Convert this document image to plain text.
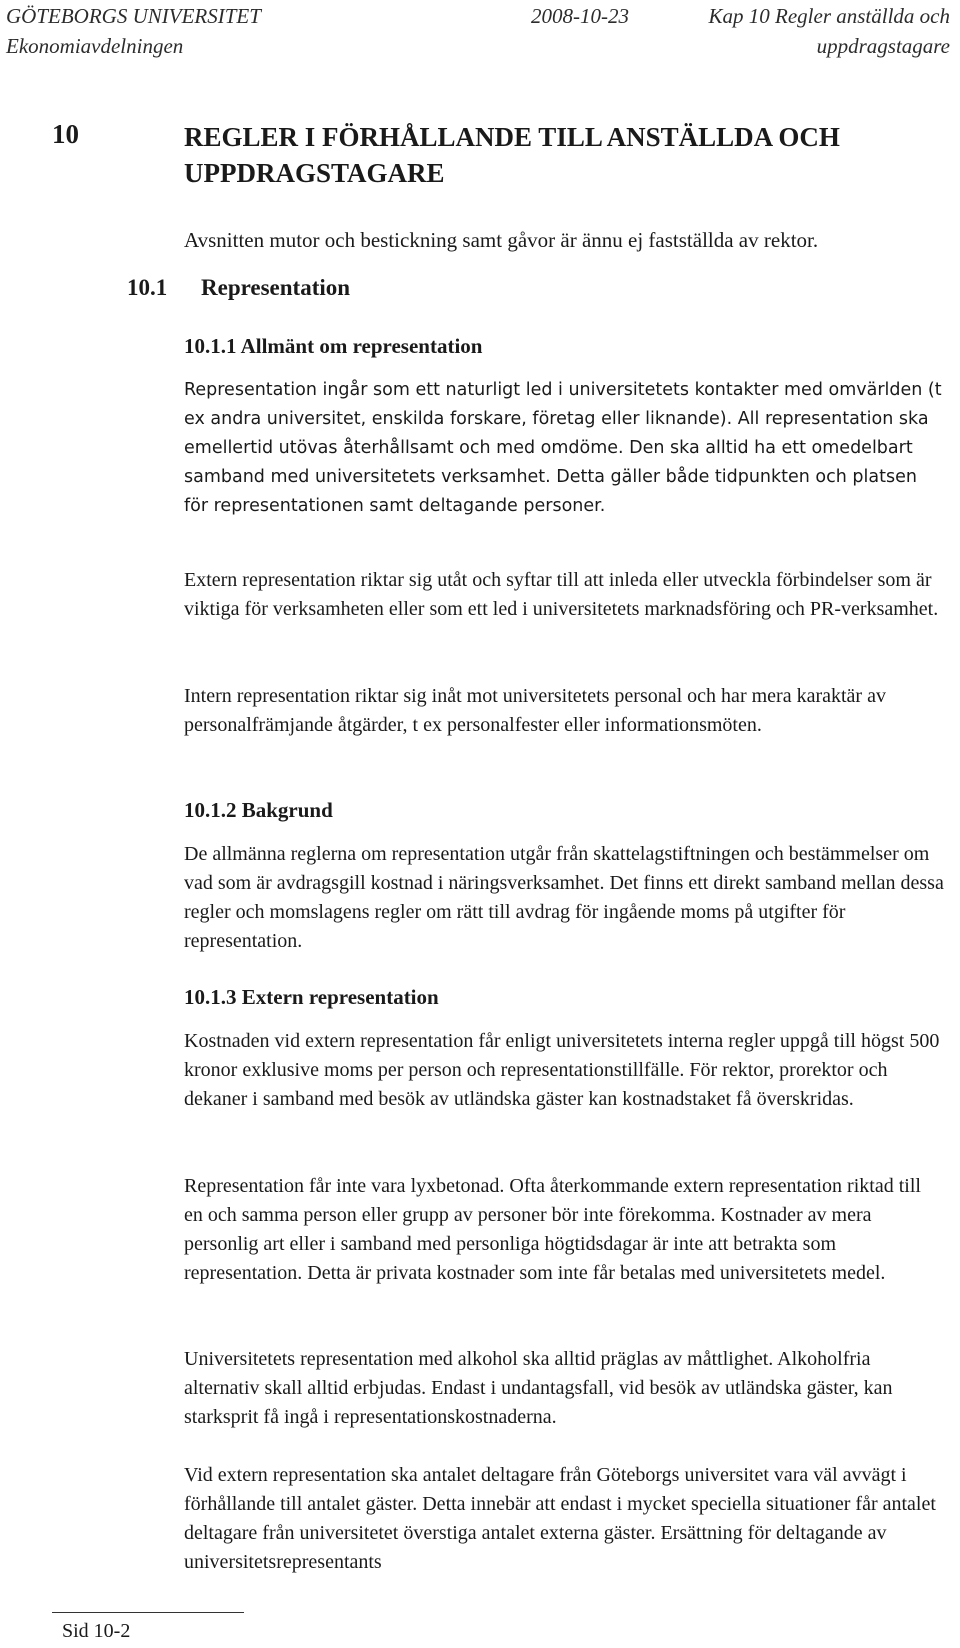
GÖTEBORGS UNIVERSITET	2008-10-23	Kap 10 Regler anställda och
Ekonomiavdelningen	uppdragstagare
10	REGLER I FÖRHÅLLANDE TILL ANSTÄLLDA OCH UPPDRAGSTAGARE
Avsnitten mutor och bestickning samt gåvor är ännu ej fastställda av rektor.
10.1 Representation
10.1.1 Allmänt om representation

Representation ingår som ett naturligt led i universitetets kontakter med omvärlden (t ex andra universitet, enskilda forskare, företag eller liknande). All representation ska emellertid utövas återhållsamt och med omdöme. Den ska alltid ha ett omedelbart samband med universitetets verksamhet. Detta gäller både tidpunkten och platsen för representationen samt deltagande personer.

Extern representation riktar sig utåt och syftar till att inleda eller utveckla förbindelser som är viktiga för verksamheten eller som ett led i universitetets marknadsföring och PR-verksamhet.

Intern representation riktar sig inåt mot universitetets personal och har mera karaktär av personalfrämjande åtgärder, t ex personalfester eller informationsmöten.

10.1.2 Bakgrund

De allmänna reglerna om representation utgår från skattelagstiftningen och bestämmelser om vad som är avdragsgill kostnad i näringsverksamhet. Det finns ett direkt samband mellan dessa regler och momslagens regler om rätt till avdrag för ingående moms på utgifter för representation.

10.1.3 Extern representation

Kostnaden vid extern representation får enligt universitetets interna regler uppgå till högst 500 kronor exklusive moms per person och representationstillfälle. För rektor, prorektor och dekaner i samband med besök av utländska gäster kan kostnadstaket få överskridas.

Representation får inte vara lyxbetonad. Ofta återkommande extern representation riktad till en och samma person eller grupp av personer bör inte förekomma. Kostnader av mera personlig art eller i samband med personliga högtidsdagar är inte att betrakta som representation. Detta är privata kostnader som inte får betalas med universitetets medel.

Universitetets representation med alkohol ska alltid präglas av måttlighet. Alkoholfria alternativ skall alltid erbjudas. Endast i undantagsfall, vid besök av utländska gäster, kan starksprit få ingå i representationskostnaderna.

Vid extern representation ska antalet deltagare från Göteborgs universitet vara väl avvägt i förhållande till antalet gäster. Detta innebär att endast i mycket speciella situationer får antalet deltagare från universitetet överstiga antalet externa gäster. Ersättning för deltagande av universitetsrepresentants

Sid 10-2
